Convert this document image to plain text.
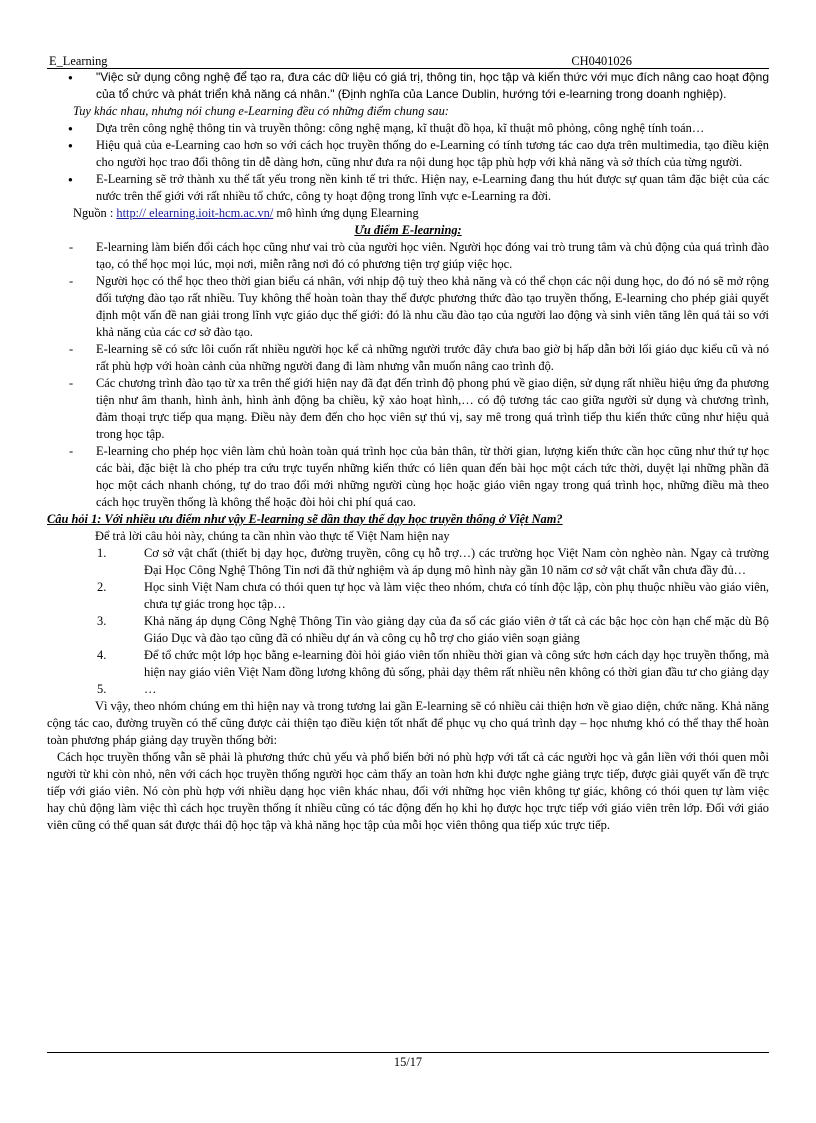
E_Learning	CH0401026
● "Việc sử dụng công nghệ để tạo ra, đưa các dữ liệu có giá trị, thông tin, học tập và kiến thức với mục đích nâng cao hoạt động của tổ chức và phát triển khả năng cá nhân." (Định nghĩa của Lance Dublin, hướng tới e-learning trong doanh nghiệp).

Tuy khác nhau, nhưng nói chung e-Learning đều có những điểm chung sau:

● Dựa trên công nghệ thông tin và truyền thông: công nghệ mạng, kĩ thuật đồ họa, kĩ thuật mô phỏng, công nghệ tính toán…
● Hiệu quả của e-Learning cao hơn so với cách học truyền thống do e-Learning có tính tương tác cao dựa trên multimedia, tạo điều kiện cho người học trao đổi thông tin dễ dàng hơn, cũng như đưa ra nội dung học tập phù hợp với khả năng và sở thích của từng người.
● E-Learning sẽ trở thành xu thế tất yếu trong nền kinh tế tri thức. Hiện nay, e-Learning đang thu hút được sự quan tâm đặc biệt của các nước trên thế giới với rất nhiều tổ chức, công ty hoạt động trong lĩnh vực e-Learning ra đời.

Nguồn : http:// elearning.ioit-hcm.ac.vn/ mô hình ứng dụng Elearning

Ưu điểm E-learning:

- E-learning làm biến đổi cách học cũng như vai trò của người học viên. Người học đóng vai trò trung tâm và chủ động của quá trình đào tạo, có thể học mọi lúc, mọi nơi, miễn rằng nơi đó có phương tiện trợ giúp việc học.
- Người học có thể học theo thời gian biểu cá nhân, với nhịp độ tuỳ theo khả năng và có thể chọn các nội dung học, do đó nó sẽ mở rộng đối tượng đào tạo rất nhiều. Tuy không thể hoàn toàn thay thế được phương thức đào tạo truyền thống, E-learning cho phép giải quyết định một vấn đề nan giải trong lĩnh vực giáo dục thế giới: đó là nhu cầu đào tạo của người lao động và sinh viên tăng lên quá tải so với khả năng của các cơ sở đào tạo.
- E-learning sẽ có sức lôi cuốn rất nhiều người học kể cả những người trước đây chưa bao giờ bị hấp dẫn bởi lối giáo dục kiểu cũ và nó rất phù hợp với hoàn cảnh của những người đang đi làm nhưng vẫn muốn nâng cao trình độ.
- Các chương trình đào tạo từ xa trên thế giới hiện nay đã đạt đến trình độ phong phú về giao diện, sử dụng rất nhiều hiệu ứng đa phương tiện như âm thanh, hình ảnh, hình ảnh động ba chiều, kỹ xảo hoạt hình,… có độ tương tác cao giữa người sử dụng và chương trình, đảm thoại trực tiếp qua mạng. Điều này đem đến cho học viên sự thú vị, say mê trong quá trình tiếp thu kiến thức cũng như hiệu quả trong học tập.
- E-learning cho phép học viên làm chủ hoàn toàn quá trình học của bản thân, từ thời gian, lượng kiến thức cần học cũng như thứ tự học các bài, đặc biệt là cho phép tra cứu trực tuyến những kiến thức có liên quan đến bài học một cách tức thời, duyệt lại những phần đã học một cách nhanh chóng, tự do trao đổi mới những người cùng học hoặc giáo viên ngay trong quá trình học, những điều mà theo cách học truyền thống là không thể hoặc đòi hỏi chi phí quá cao.

Câu hỏi 1: Với nhiều ưu điểm như vậy E-learning sẽ dần thay thế dạy học truyền thống ở Việt Nam?

Để trả lời câu hỏi này, chúng ta cần nhìn vào thực tế Việt Nam hiện nay

1.	Cơ sở vật chất (thiết bị dạy học, đường truyền, công cụ hỗ trợ…) các trường học Việt Nam còn nghèo nàn. Ngay cả trường Đại Học Công Nghệ Thông Tin nơi đã thử nghiệm và áp dụng mô hình này gần 10 năm cơ sở vật chất vẫn chưa đầy đủ…
2.	Học sinh Việt Nam chưa có thói quen tự học và làm việc theo nhóm, chưa có tính độc lập, còn phụ thuộc nhiều vào giáo viên, chưa tự giác trong học tập…
3.	Khả năng áp dụng Công Nghệ Thông Tin vào giảng dạy của đa số các giáo viên ở tất cả các bậc học còn hạn chế mặc dù Bộ Giáo Dục và đào tạo cũng đã có nhiều dự án và công cụ hỗ trợ cho giáo viên soạn giảng
4.	Để tổ chức một lớp học bằng e-learning đòi hỏi giáo viên tốn nhiều thời gian và công sức hơn cách dạy học truyền thống, mà hiện nay giáo viên Việt Nam đồng lương không đủ sống, phải dạy thêm rất nhiều nên không có thời gian đầu tư cho giảng dạy
5.	…

Vì vậy, theo nhóm chúng em thì hiện nay và trong tương lai gần E-learning sẽ có nhiều cải thiện hơn về giao diện, chức năng. Khả năng cộng tác cao, đường truyền có thể cũng được cải thiện tạo điều kiện tốt nhất để phục vụ cho quá trình dạy – học nhưng khó có thể thay thế hoàn toàn phương pháp giảng dạy truyền thống bởi:

Cách học truyền thống vẫn sẽ phải là phương thức chủ yếu và phổ biến bởi nó phù hợp với tất cả các người học và gắn liền với thói quen mỗi người từ khi còn nhỏ, nên với cách học truyền thống người học cảm thấy an toàn hơn khi được nghe giảng trực tiếp, được giải quyết vấn đề trực tiếp với giáo viên. Nó còn phù hợp với nhiều dạng học viên khác nhau, đối với những học viên không tự giác, không có thói quen tự làm việc hay chủ động làm việc thì cách học truyền thống ít nhiều cũng có tác động đến họ khi họ được học trực tiếp với giáo viên trên lớp. Đối với giáo viên cũng có thể quan sát được thái độ học tập và khả năng học tập của mỗi học viên thông qua tiếp xúc trực tiếp.

15/17
